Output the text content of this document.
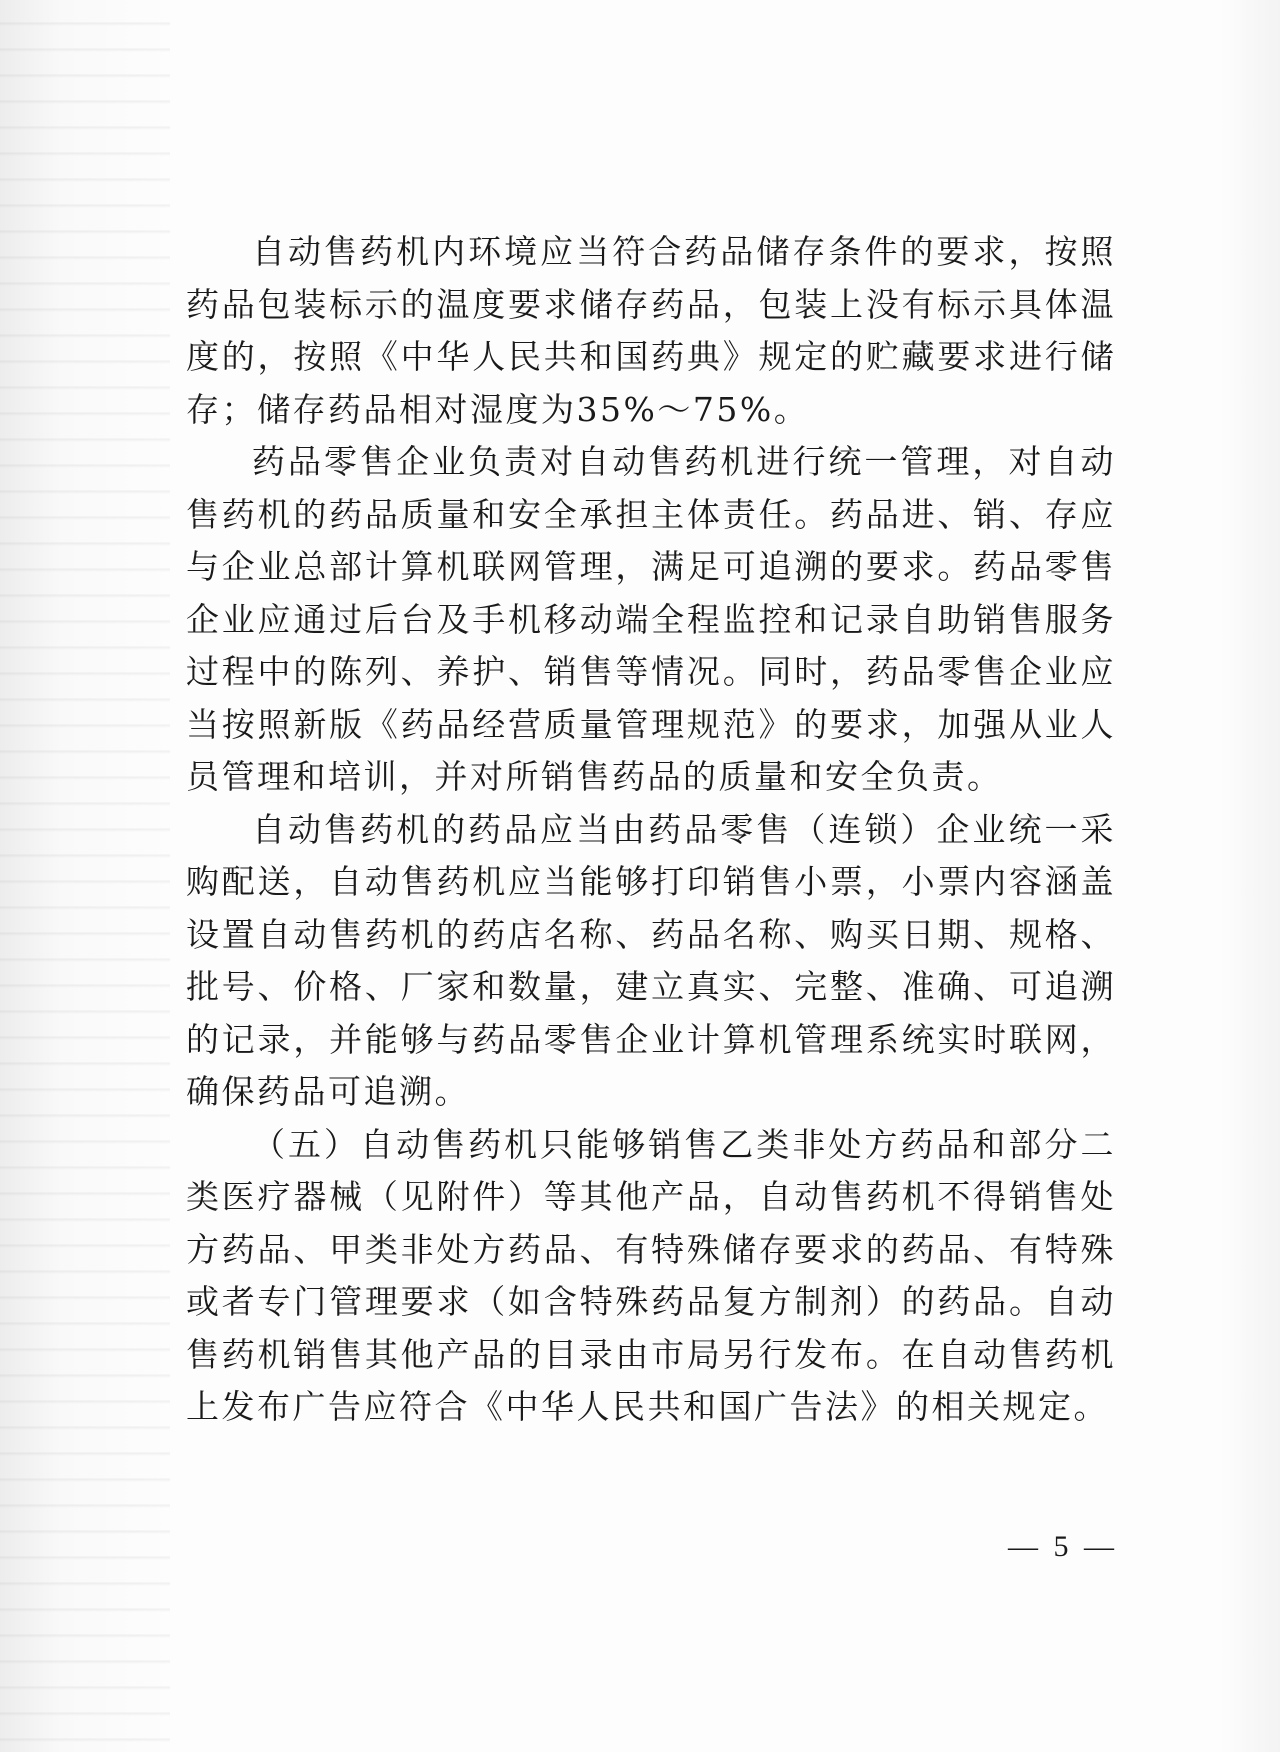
自动售药机内环境应当符合药品储存条件的要求，按照药品包装标示的温度要求储存药品，包装上没有标示具体温度的，按照《中华人民共和国药典》规定的贮藏要求进行储存；储存药品相对湿度为35%～75%。

药品零售企业负责对自动售药机进行统一管理，对自动售药机的药品质量和安全承担主体责任。药品进、销、存应与企业总部计算机联网管理，满足可追溯的要求。药品零售企业应通过后台及手机移动端全程监控和记录自助销售服务过程中的陈列、养护、销售等情况。同时，药品零售企业应当按照新版《药品经营质量管理规范》的要求，加强从业人员管理和培训，并对所销售药品的质量和安全负责。

自动售药机的药品应当由药品零售（连锁）企业统一采购配送，自动售药机应当能够打印销售小票，小票内容涵盖设置自动售药机的药店名称、药品名称、购买日期、规格、批号、价格、厂家和数量，建立真实、完整、准确、可追溯的记录，并能够与药品零售企业计算机管理系统实时联网，确保药品可追溯。

（五）自动售药机只能够销售乙类非处方药品和部分二类医疗器械（见附件）等其他产品，自动售药机不得销售处方药品、甲类非处方药品、有特殊储存要求的药品、有特殊或者专门管理要求（如含特殊药品复方制剂）的药品。自动售药机销售其他产品的目录由市局另行发布。在自动售药机上发布广告应符合《中华人民共和国广告法》的相关规定。

— 5 —
